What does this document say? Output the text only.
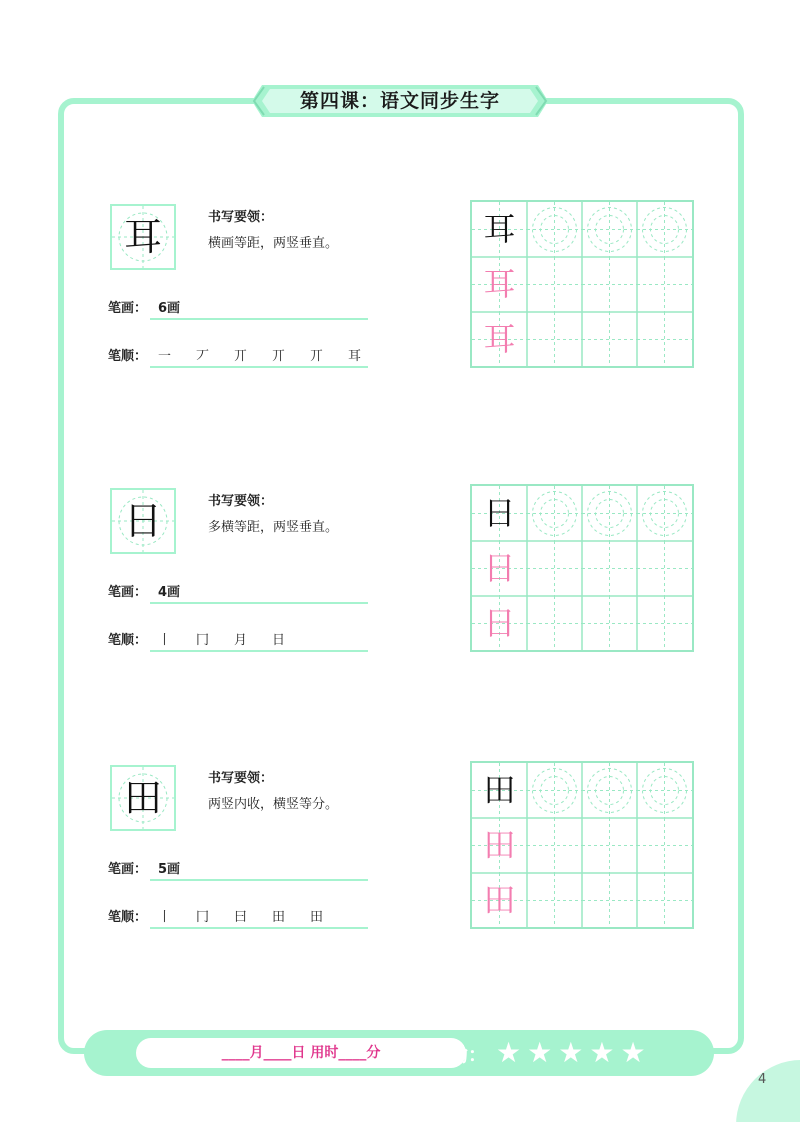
第四课：语文同步生字
耳	书写要领：
横画等距，两竖垂直。
笔画： 6画
笔顺： 一	丆	丌	丌	丌	耳
耳
耳
耳
日	书写要领：
多横等距，两竖垂直。
笔画： 4画
笔顺： 丨	冂	月	日
日
日
日
田	书写要领：
两竖内收，横竖等分。
笔画： 5画
笔顺： 丨	冂	曰	田	田
田
田
田
____月____日 用时____分	奖励： ★ ★ ★ ★ ★
4
